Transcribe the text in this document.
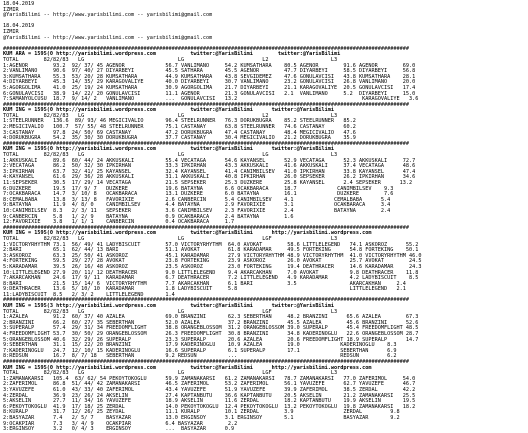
18.04.2019
IZMIR
@YarisBilimi -- http://www.yarisbilimi.com -- yarisbilimi@gmail.com
18.04.2019
IZMIR
@YarisBilimi -- http://www.yarisbilimi.com -- yarisbilimi@gmail.com
##################################################################################################################################
KUM ARA = 1595(0 http://yarisbilimi.wordpress.com           twitter:@YarisBilimi        twitter:@YarisBilimi
TOTAL        82/82/83   LG                              LG                         L2                    L3
1:AGENOR        93.2  92/ 37/ 45 AGENOR             56.7 VANLIMANO     54.2 KUMSATHARA    80.5 AGENOR        91.6 AGENOR        69.0
2:VANLIMANO     90.6  97/ 40/ 27 DIYARBEYI          45.5 SATHARA       45.5 AGENOR        47.7 DIYARBEYI     58.5 DIYARBEYI     56.8
3:KUMSATHARA    55.3  53/ 20/ 28 KUMSATHARA         44.9 KUMSATHARA    43.8 SEVGIDEMEZ    47.6 GONULAVCISI   43.8 KUMSATHARA    28.1
4:DIYARBEYI     45.3  14/ 35/ 29 KARAGOVALIYE       40.0 DIYARBEYI     30.7 VANLIMANO     23.2 GONULAVCISI   26.8 VANLIMANO     20.0
5:AGORGOLIMA    41.0  25/ 19/ 24 KUMSATHARA         30.9 AGORGOLIMA    21.7 DIYARBEYI     21.1 KARAGOVALIYE  20.5 GONULAVCISI   17.4
6:GONULAVCISI   38.9  14/ 22/ 20 GONULAVCISI        11.1 AGENOR        21.3 GONULAVCISI   2.1  VANLIMANO     5.2  DIYARBEYI     15.0
7:SAMANYOLCUSU  18.7  9/ 14/ 2   VANLIMANO          ...  GONULAVCISI   13.2                                        KARAGOVALIYE   3.6
##################################################################################################################################
KUM ING = 1595(0 http://yarisbilimi.wordpress.com           twitter:@YarisBilimi      twitter:@YarisBilimi
TOTAL        82/82/83   LG                              LG                         L2                    L3
1:STEELRUNNER   136.6  89/ 93/ 46 MEGICIVALIO       96.4 STEELRUNNER   76.3 DORUKBUGRA    85.2 STEELRUNNER   85.2
2:MEGICIVALIO   100.7  57/ 55/ 48 STEELRUNNER       75.1 CASTANAY      63.8 STEELRUNNER   74.6 CASTANAY      60.2
3:CASTANAY      97.8  24/ 50/ 69 CASTANAY           47.2 DORUKBUGRA    47.4 CASTANAY      48.4 MEGICIVALIO   47.6
4:DORUKBUGRA    54.2  35/ 30/ 30 DORUKBUGRA         37.7 CASTANAY      30.4 MEGICIVALIO   21.2 DORUKBUGRA    35.9
##################################################################################################################################
KUM ING = 1595(0 http://yarisbilimi.wordpress.com           twitter:@YarisBilimi      twitter:@YarisBilimi
TOTAL        82/82/83   LG                              LG                         LG                    L3
1:AKKUSKALI     89.6  60/ 44/ 24 AKKUSKALI          55.4 VECATAGA      54.6 KAYANSEL      52.9 VECATAGA      52.3 AKKUSKALI     72.7
2:VECATAGA      86.2  50/ 32/ 30 IPKIRHAN           33.3 IPKIRHAN      43.3 AKKUSKALI     41.6 AKKUSKALI     37.4 VECATAGA      48.6
3:IPKIRHAN      63.7  32/ 41/ 25 KAYANSEL           32.4 KAYANSEL      41.4 CANIMBILSEV   41.0 IPKIRHAN      33.8 KAYANSEL      47.4
4:KAYANSEL      61.6  29/ 36/ 28 AKKUSKALI          31.1 AKKUSKALI     40.8 IPKIRHAN      26.0 SEPSEKER      26.2 IPKIRHAN      34.6
11:SEPSEKER     30.5  17/ 29/ 14 VECATAGA           21.5 SEPSEKER      25.3 DUZKERE       25.8 KAYANSEL      2.4 SEPSEKER      13.2
6:DUZKERE       19.5  17/ 9/ 7   DUZKERE            19.6 BATAYNA       6.6 OCAKBARACA     18.7             CANIMBILSEV    9.3
7:OCAKBARACA    14.7  3/ 10/ 8   OCAKBARACA         13.1 DUZKERE       6.0 BATAYNA        16.1             DUZKERE        7.6
8:CEMALBABA     13.8  3/ 13/ 8   FAVORIXIE          2.6 CANBERCIN      5.4 CANIMBILSEV    4.1             CEMALBABA      5.4
9:BATAYNA       11.9  4/ 8/ 0    CANIMBILSEV        4.4 BATAYNA        2.9 FAVORIXIE      3.1             OCAKBARACA     3.4
10:CANIMBILSEV  8.3   2/ 3/ 11   SEPSEKER           3.6 CANIMBILSEV    2.3 FAVORIXIE      2.4             BATAYNA        2.4
9:CANBERCIN     5.8   1/ 2/ 9    BATAYNA            0.9 OCAKBARACA     2.4 BATAYNA        1.6
12:FAVORIXIE    3.8   1/ 1/ 1    CANBERCIN          0.4 OCAKBARACA     1.7
##################################################################################################################################
KUM ING = 1595(0 http://yarisbilimi.wordpress.com           twitter:@YarisBilimi      http://yarisbilimi.wordpress.com
TOTAL        82/82/83   LG                              LG                         LGF                   L3
1:VICTORYRHYTHM 73.1  56/ 49/ 41 LADYBISCUIT        57.0 VICTORYRHYTHM  64.0 AVOKAT        58.6 LITTLELEGEND   74.1 ASKOROZ      55.2
2:BARI          65.1  62/ 44/ 13 BARI               51.1 AVOKAT         61.8 KARADAMAR     49.5 FORTEKING      54.8 FORTEKING    50.1
3:ASKOROZ       63.3  25/ 50/ 41 ASKOROZ            45.1 KARADAMAR      27.9 VICTORYRHYTHM 48.9 VICTORYRHYTHM  41.0 VICTORYRHYTHM 46.0
4:FORTEKING     59.5  29/ 27/ 28 AVOKAT             23.8 FORTEKING      23.9 ASKOROZ       26.0 AVOKAT         25.7 AVOKAT        24.5
5:KARADAMAR     39.5  26/ 16/ 48 ASKOROZ            23.5 ASKOROZ        23.0 FORTEKING     19.4 DEATHRACER     14.6 KARADAMAR     24.3
10:LITTLELEGEND 27.9  20/ 11/ 12 DEATHRACER         9.0 LITTLELEGEND    9.4 AKARCAKHAN     7.0 AVOKAT          9.8 DEATHRACER    11.8
7:AKARCAKHAN    24.6  17/ 9/ 11  KARADAMAR          6.7 DEATHRACER      7.2 LITTLELEGEND   4.9 KARADAMAR       4.2 LADYBISCUIT    8.5
8:BARI          21.5  15/ 14/ 6  VICTORYRHYTHM      7.7 AKARCAKHAN      6.1 BARI           3.5                 AKARCAKHAN     2.4
9:DEATHRACER    13.6  5/ 10/ 10  KARADAMAR          1.8 LADYBISCUIT     5.8                                    LITTLELEGEND   2.1
11:LADYBISCUIT  8.5   2/ 3/ 2    LITTLELEGEND       1.4
##################################################################################################################################
KUM ING = 1595(3 http://yarisbilimi.wordpress.com           twitter:@YarisBilimi      twitter:@YarisBilimi
TOTAL        82/82/83   LG                              LG                         LGF                   L3
1:AZALEA        91.2  60/ 37/ 40 AZALEA             69.0 BRANZINI       62.3 SEBERTHAN     48.2 BRANZINI      65.6 AZALEA        67.3
2:BRANZINI      66.2  60/ 27/ 35 SEBERTHAN          52.0 AZALEA         37.2 BRANZINI      45.5 AZALEA        45.6 BRANZINI      52.6
3:SUPERALP      57.4  29/ 31/ 34 FREEDOMFLIGHT      38.8 ORANGEBLOSSOM  31.2 ORANGEBLOSSOM 39.0 SUPERALP      45.4 FREEDOMFLIGHT 48.5
4:FREEDOMFLIGHT 53.7  30/ 50/ 29 ORANGEBLOSSOM      26.3 FREEDOMFLIGHT  30.8 BRANZINI      34.8 KADERINOGLU   22.6 ORANGEBLOSSOM 28.7
5:ORANGEBLOSSOM 40.6  32/ 29/ 26 SUPERALP           23.3 SUPERALP       20.6 AZALEA        20.6 FREEDOMFLIGHT 18.9 SUPERALP      14.7
9:SEBERTHAN     31.1  15/ 22/ 20 BRANZINI           17.9 KADERINOGLU    10.9 AZALEA        19.0             KADERINOGLU    8.3
7:KADERINOGLU   24.7  12/ 10/ 15 KADERINOGLU        16.6 SUPERALP       6.1 SUPERALP       17.1             SEBERTHAN      6.9
8:REDSUN        16.7  8/ 7/ 18   SEBERTHAN          9.2 REDSUN          ...                                 REDSUN         6.2
##################################################################################################################################
KUM ING = 1595(0 http://yarisbilimi.wordpress.com           twitter:@YarisBilimi      http://yarisbilimi.wordpress.com
TOTAL        82/82/83   LG                              LG                         LGF                   L3
1:ZAMANAKARSI   105.4  63/ 62/ 54 PEKOYTOKOGLU      59.9 ZAMANAKARSI   61.2 ZAMANAKARSI   78.7 ZAMANAKARSI   77.0 ZAFERIMOL     54.0
2:ZAFERIMOL     86.8  51/ 44/ 42 ZAMANAKARSI        46.5 ZAFERIMOL     53.2 ZAFERIMOL     56.1 YAVUZEFE      62.7 YAVUZEFE      46.7
3:YAVUZEFE      61.0  43/ 33/ 40 ZAFERIMOL          43.4 YAVUZEFE      51.9 YAVUZEFE      39.9 ZAFERIMOL     38.5 ZERDAL        42.2
4:ZERDAL        36.9  23/ 26/ 24 AKSELIN            27.4 KAPTANBUTU    36.6 KAPTANBUTU    20.5 AKSELIN       21.2 ZAMANAKARSI   25.5
5:AKSELIN       27.7  11/ 34/ 16 YAVUZEFE           18.9 AKSELIN       11.6 ZERDAL        18.2 KAPTANBUTU    19.9 AKSELIN       19.5
6:PEKOYTOKOGLU  41.9  17/ 18/ 25 ZERDAL             14.0 PEKOYTOKOGLU  12.4 PEKOYTOKOGLU  13.2 PEKOYTOKOGLU  19.8 ZAMANAKARSI   18.2
8:KURALP        31.7  12/ 26/ 25 ZEYDAL             11.1 KURALP        10.1 ZERDAL        3.9                ZERDAL         9.8
2:BASYAZAR      7.4   2/ 5/ 7    BASYAZAR           13.0 ERGINSOY      3.1 ERGINSOY       5.1                BASYAZAR       9.2
9:OCAKPIAR      7.3   3/ 4/ 9    OCAKPIAR           6.4 BASYAZAR        2.2
3:ERGINSOY      3.2   0/ 4/ 3    ERGINSOY           ...  BASYAZAR      0.9
